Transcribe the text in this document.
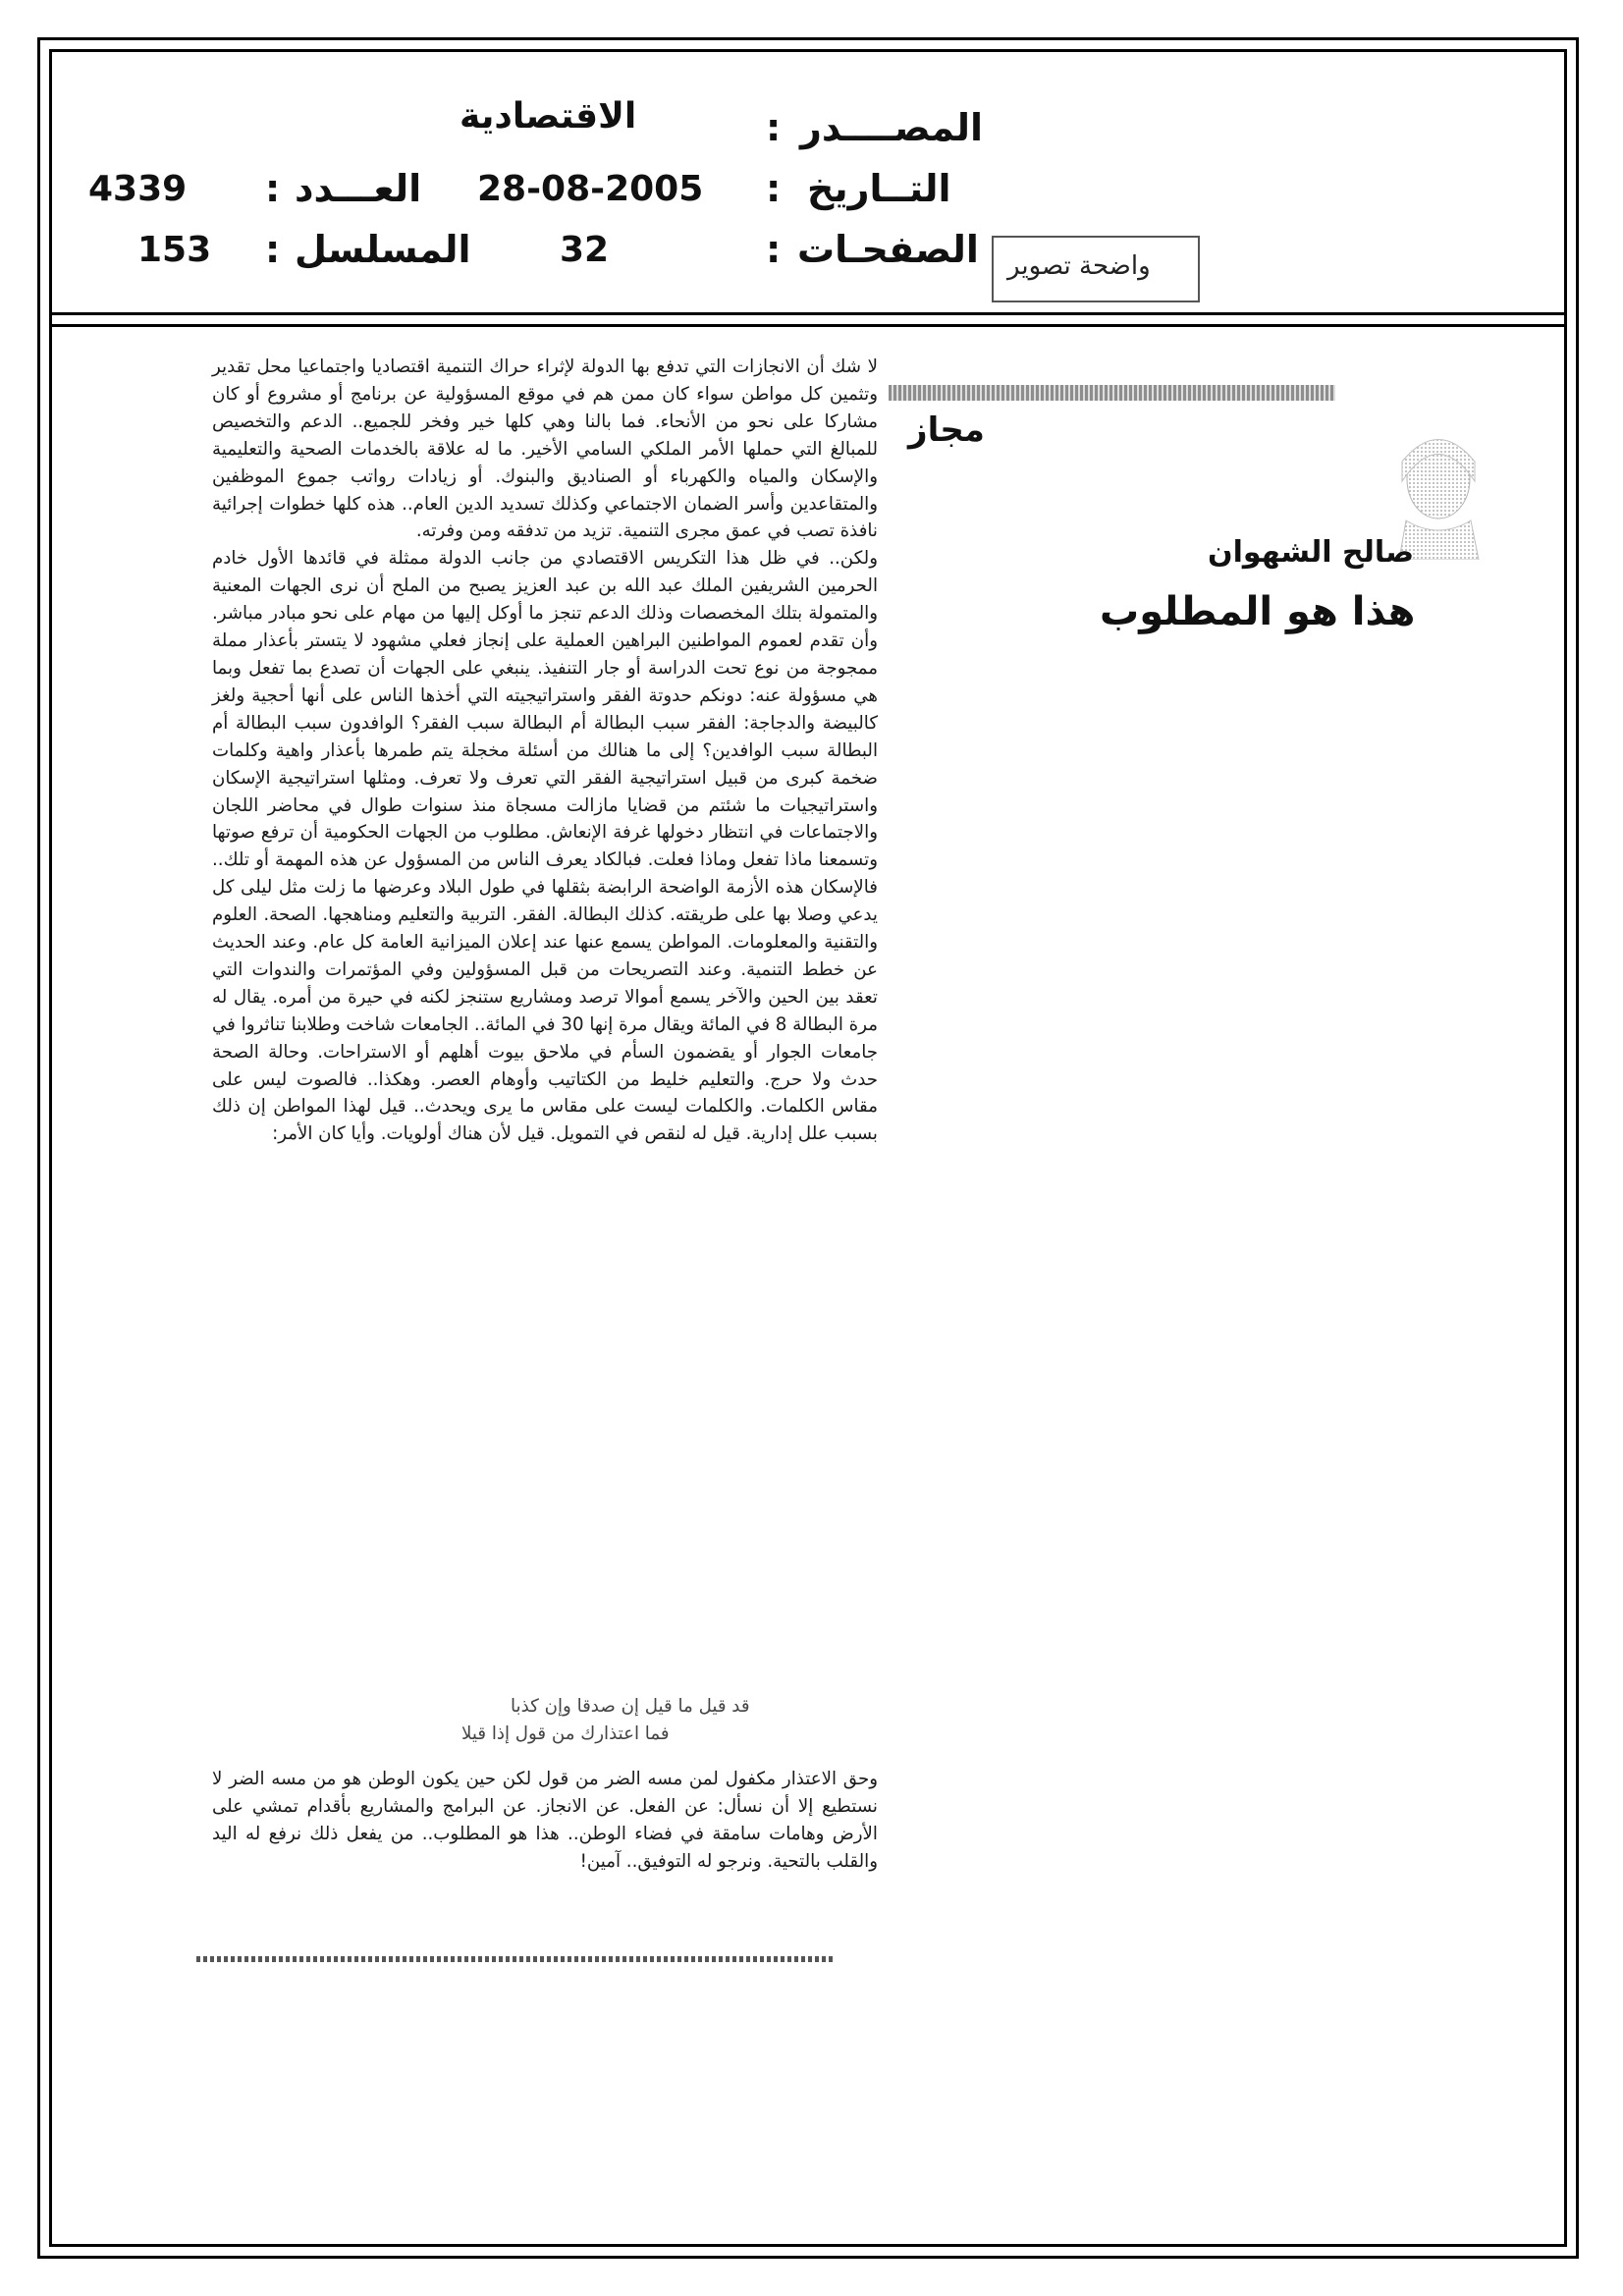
المصــــدر
:
الاقتصادية
التــاريخ
:
28-08-2005
العـــدد
:
4339
الصفحـات
:
32
المسلسل
:
153	واضحة تصوير
مجاز
صالح الشهوان
هذا هو المطلوب

لا شك أن الانجازات التي تدفع بها الدولة لإثراء حراك التنمية اقتصاديا واجتماعيا محل تقدير وتثمين كل مواطن سواء كان ممن هم في موقع المسؤولية عن برنامج أو مشروع أو كان مشاركا على نحو من الأنحاء. فما بالنا وهي كلها خير وفخر للجميع.. الدعم والتخصيص للمبالغ التي حملها الأمر الملكي السامي الأخير. ما له علاقة بالخدمات الصحية والتعليمية والإسكان والمياه والكهرباء أو الصناديق والبنوك. أو زيادات رواتب جموع الموظفين والمتقاعدين وأسر الضمان الاجتماعي وكذلك تسديد الدين العام.. هذه كلها خطوات إجرائية نافذة تصب في عمق مجرى التنمية. تزيد من تدفقه ومن وفرته.

ولكن.. في ظل هذا التكريس الاقتصادي من جانب الدولة ممثلة في قائدها الأول خادم الحرمين الشريفين الملك عبد الله بن عبد العزيز يصبح من الملح أن نرى الجهات المعنية والمتمولة بتلك المخصصات وذلك الدعم تنجز ما أوكل إليها من مهام على نحو مبادر مباشر. وأن تقدم لعموم المواطنين البراهين العملية على إنجاز فعلي مشهود لا يتستر بأعذار مملة ممجوجة من نوع تحت الدراسة أو جار التنفيذ. ينبغي على الجهات أن تصدع بما تفعل وبما هي مسؤولة عنه: دونكم حدوتة الفقر واستراتيجيته التي أخذها الناس على أنها أحجية ولغز كالبيضة والدجاجة: الفقر سبب البطالة أم البطالة سبب الفقر؟ الوافدون سبب البطالة أم البطالة سبب الوافدين؟ إلى ما هنالك من أسئلة مخجلة يتم طمرها بأعذار واهية وكلمات ضخمة كبرى من قبيل استراتيجية الفقر التي تعرف ولا تعرف. ومثلها استراتيجية الإسكان واستراتيجيات ما شئتم من قضايا مازالت مسجاة منذ سنوات طوال في محاضر اللجان والاجتماعات في انتظار دخولها غرفة الإنعاش. مطلوب من الجهات الحكومية أن ترفع صوتها وتسمعنا ماذا تفعل وماذا فعلت. فبالكاد يعرف الناس من المسؤول عن هذه المهمة أو تلك.. فالإسكان هذه الأزمة الواضحة الرابضة بثقلها في طول البلاد وعرضها ما زلت مثل ليلى كل يدعي وصلا بها على طريقته. كذلك البطالة. الفقر. التربية والتعليم ومناهجها. الصحة. العلوم والتقنية والمعلومات. المواطن يسمع عنها عند إعلان الميزانية العامة كل عام. وعند الحديث عن خطط التنمية. وعند التصريحات من قبل المسؤولين وفي المؤتمرات والندوات التي تعقد بين الحين والآخر يسمع أموالا ترصد ومشاريع ستنجز لكنه في حيرة من أمره. يقال له مرة البطالة 8 في المائة ويقال مرة إنها 30 في المائة.. الجامعات شاخت وطلابنا تناثروا في جامعات الجوار أو يقضمون السأم في ملاحق بيوت أهلهم أو الاستراحات. وحالة الصحة حدث ولا حرج. والتعليم خليط من الكتاتيب وأوهام العصر. وهكذا.. فالصوت ليس على مقاس الكلمات. والكلمات ليست على مقاس ما يرى ويحدث.. قيل لهذا المواطن إن ذلك بسبب علل إدارية. قيل له لنقص في التمويل. قيل لأن هناك أولويات. وأيا كان الأمر:

قد قيل ما قيل إن صدقا وإن كذبا
فما اعتذارك من قول إذا قيلا

وحق الاعتذار مكفول لمن مسه الضر من قول لكن حين يكون الوطن هو من مسه الضر لا نستطيع إلا أن نسأل: عن الفعل. عن الانجاز. عن البرامج والمشاريع بأقدام تمشي على الأرض وهامات سامقة في فضاء الوطن.. هذا هو المطلوب.. من يفعل ذلك نرفع له اليد والقلب بالتحية. ونرجو له التوفيق.. آمين!
